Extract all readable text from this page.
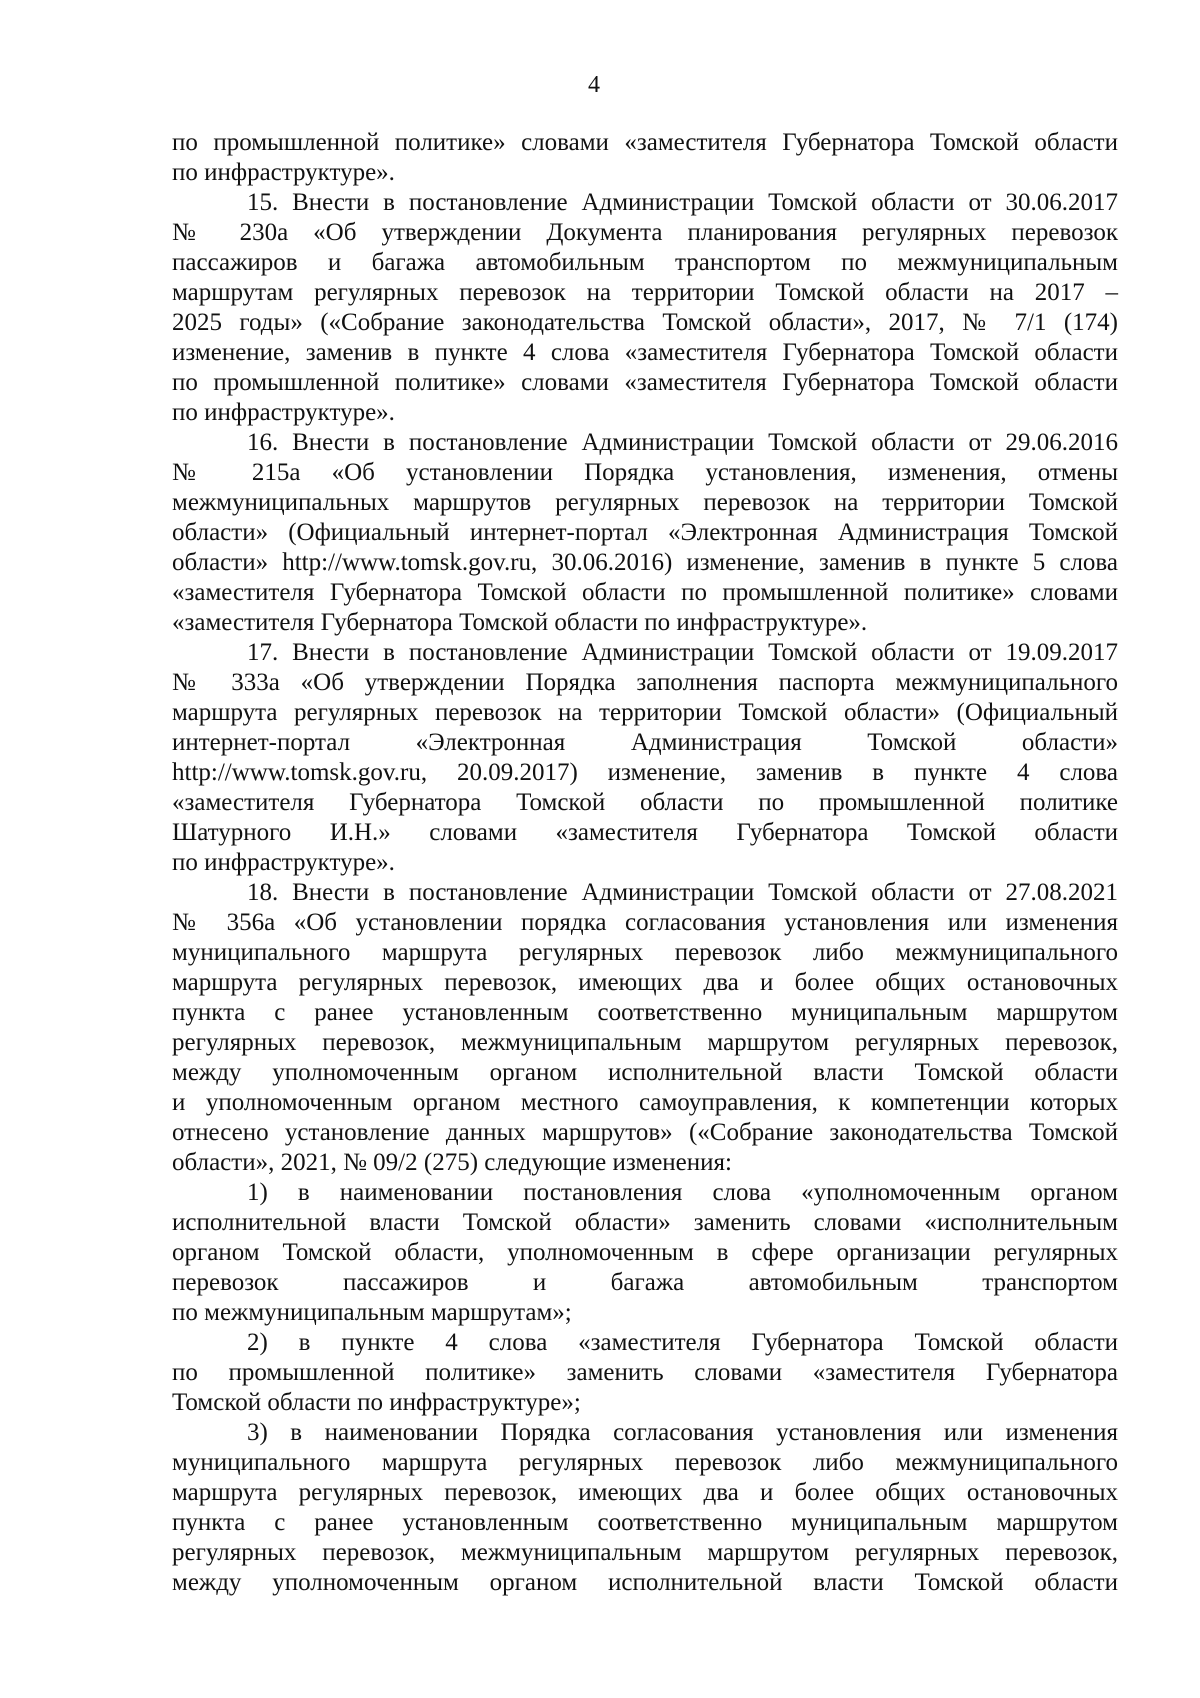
4
по промышленной политике» словами «заместителя Губернатора Томской области
по инфраструктуре».
15. Внести в постановление Администрации Томской области от 30.06.2017
№ 230а «Об утверждении Документа планирования регулярных перевозок
пассажиров и багажа автомобильным транспортом по межмуниципальным
маршрутам регулярных перевозок на территории Томской области на 2017 –
2025 годы» («Собрание законодательства Томской области», 2017, № 7/1 (174)
изменение, заменив в пункте 4 слова «заместителя Губернатора Томской области
по промышленной политике» словами «заместителя Губернатора Томской области
по инфраструктуре».
16. Внести в постановление Администрации Томской области от 29.06.2016
№ 215а «Об установлении Порядка установления, изменения, отмены
межмуниципальных маршрутов регулярных перевозок на территории Томской
области» (Официальный интернет-портал «Электронная Администрация Томской
области» http://www.tomsk.gov.ru, 30.06.2016) изменение, заменив в пункте 5 слова
«заместителя Губернатора Томской области по промышленной политике» словами
«заместителя Губернатора Томской области по инфраструктуре».
17. Внести в постановление Администрации Томской области от 19.09.2017
№ 333а «Об утверждении Порядка заполнения паспорта межмуниципального
маршрута регулярных перевозок на территории Томской области» (Официальный
интернет-портал «Электронная Администрация Томской области»
http://www.tomsk.gov.ru, 20.09.2017) изменение, заменив в пункте 4 слова
«заместителя Губернатора Томской области по промышленной политике
Шатурного И.Н.» словами «заместителя Губернатора Томской области
по инфраструктуре».
18. Внести в постановление Администрации Томской области от 27.08.2021
№ 356а «Об установлении порядка согласования установления или изменения
муниципального маршрута регулярных перевозок либо межмуниципального
маршрута регулярных перевозок, имеющих два и более общих остановочных
пункта с ранее установленным соответственно муниципальным маршрутом
регулярных перевозок, межмуниципальным маршрутом регулярных перевозок,
между уполномоченным органом исполнительной власти Томской области
и уполномоченным органом местного самоуправления, к компетенции которых
отнесено установление данных маршрутов» («Собрание законодательства Томской
области», 2021, № 09/2 (275) следующие изменения:
1) в наименовании постановления слова «уполномоченным органом
исполнительной власти Томской области» заменить словами «исполнительным
органом Томской области, уполномоченным в сфере организации регулярных
перевозок пассажиров и багажа автомобильным транспортом
по межмуниципальным маршрутам»;
2) в пункте 4 слова «заместителя Губернатора Томской области
по промышленной политике» заменить словами «заместителя Губернатора
Томской области по инфраструктуре»;
3) в наименовании Порядка согласования установления или изменения
муниципального маршрута регулярных перевозок либо межмуниципального
маршрута регулярных перевозок, имеющих два и более общих остановочных
пункта с ранее установленным соответственно муниципальным маршрутом
регулярных перевозок, межмуниципальным маршрутом регулярных перевозок,
между уполномоченным органом исполнительной власти Томской области
